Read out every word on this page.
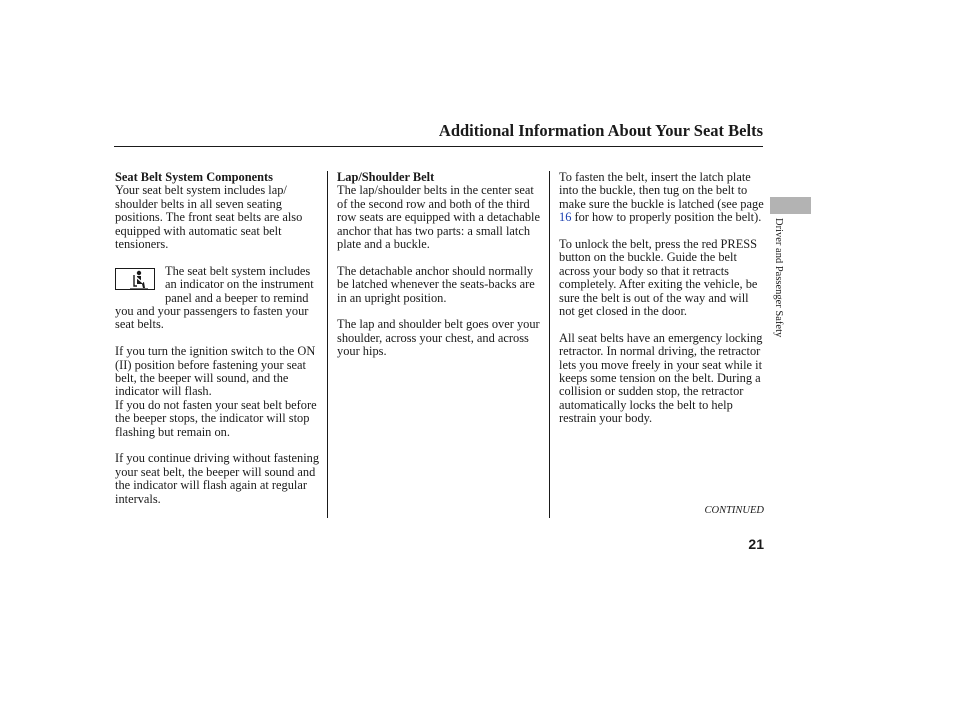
Additional Information About Your Seat Belts

Seat Belt System Components
Your seat belt system includes lap/ shoulder belts in all seven seating positions. The front seat belts are also equipped with automatic seat belt tensioners.

The seat belt system includes an indicator on the instrument panel and a beeper to remind you and your passengers to fasten your seat belts.

If you turn the ignition switch to the ON (II) position before fastening your seat belt, the beeper will sound, and the indicator will flash.

If you do not fasten your seat belt before the beeper stops, the indicator will stop flashing but remain on.

If you continue driving without fastening your seat belt, the beeper will sound and the indicator will flash again at regular intervals.

Lap/Shoulder Belt
The lap/shoulder belts in the center seat of the second row and both of the third row seats are equipped with a detachable anchor that has two parts: a small latch plate and a buckle.

The detachable anchor should normally be latched whenever the seats-backs are in an upright position.

The lap and shoulder belt goes over your shoulder, across your chest, and across your hips.

To fasten the belt, insert the latch plate into the buckle, then tug on the belt to make sure the buckle is latched (see page 16 for how to properly position the belt).

To unlock the belt, press the red PRESS button on the buckle. Guide the belt across your body so that it retracts completely. After exiting the vehicle, be sure the belt is out of the way and will not get closed in the door.

All seat belts have an emergency locking retractor. In normal driving, the retractor lets you move freely in your seat while it keeps some tension on the belt. During a collision or sudden stop, the retractor automatically locks the belt to help restrain your body.

CONTINUED
21
Driver and Passenger Safety
